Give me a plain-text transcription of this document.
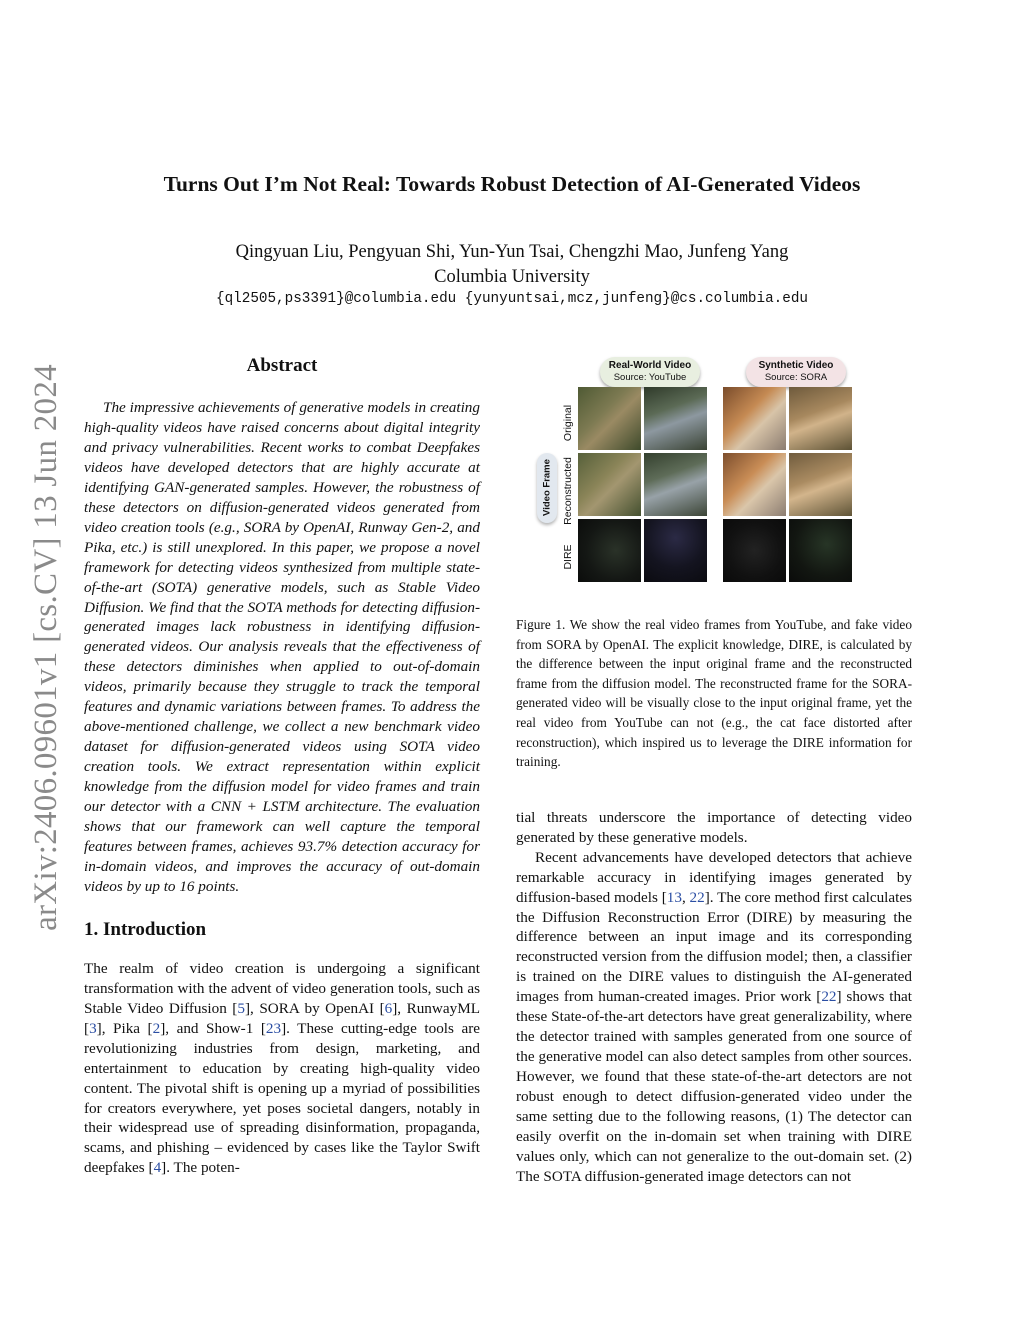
arXiv:2406.09601v1 [cs.CV] 13 Jun 2024
Turns Out I’m Not Real: Towards Robust Detection of AI-Generated Videos
Qingyuan Liu, Pengyuan Shi, Yun-Yun Tsai, Chengzhi Mao, Junfeng Yang
Columbia University
{ql2505,ps3391}@columbia.edu {yunyuntsai,mcz,junfeng}@cs.columbia.edu
Abstract

The impressive achievements of generative models in creating high-quality videos have raised concerns about digital integrity and privacy vulnerabilities. Recent works to combat Deepfakes videos have developed detectors that are highly accurate at identifying GAN-generated samples. However, the robustness of these detectors on diffusion-generated videos generated from video creation tools (e.g., SORA by OpenAI, Runway Gen-2, and Pika, etc.) is still unexplored. In this paper, we propose a novel framework for detecting videos synthesized from multiple state-of-the-art (SOTA) generative models, such as Stable Video Diffusion. We find that the SOTA methods for detecting diffusion-generated images lack robustness in identifying diffusion-generated videos. Our analysis reveals that the effectiveness of these detectors diminishes when applied to out-of-domain videos, primarily because they struggle to track the temporal features and dynamic variations between frames. To address the above-mentioned challenge, we collect a new benchmark video dataset for diffusion-generated videos using SOTA video creation tools. We extract representation within explicit knowledge from the diffusion model for video frames and train our detector with a CNN + LSTM architecture. The evaluation shows that our framework can well capture the temporal features between frames, achieves 93.7% detection accuracy for in-domain videos, and improves the accuracy of out-domain videos by up to 16 points.

1. Introduction

The realm of video creation is undergoing a significant transformation with the advent of video generation tools, such as Stable Video Diffusion [5], SORA by OpenAI [6], RunwayML [3], Pika [2], and Show-1 [23]. These cutting-edge tools are revolutionizing industries from design, marketing, and entertainment to education by creating high-quality video content. The pivotal shift is opening up a myriad of possibilities for creators everywhere, yet poses societal dangers, notably in their widespread use of spreading disinformation, propaganda, scams, and phishing – evidenced by cases like the Taylor Swift deepfakes [4]. The poten-

Real-World Video
Source: YouTube
Synthetic Video
Source: SORA
Video Frame
Original
Reconstructed
DIRE

Figure 1. We show the real video frames from YouTube, and fake video from SORA by OpenAI. The explicit knowledge, DIRE, is calculated by the difference between the input original frame and the reconstructed frame from the diffusion model. The reconstructed frame for the SORA-generated video will be visually close to the input original frame, yet the real video from YouTube can not (e.g., the cat face distorted after reconstruction), which inspired us to leverage the DIRE information for training.

tial threats underscore the importance of detecting video generated by these generative models.

Recent advancements have developed detectors that achieve remarkable accuracy in identifying images generated by diffusion-based models [13, 22]. The core method first calculates the Diffusion Reconstruction Error (DIRE) by measuring the difference between an input image and its corresponding reconstructed version from the diffusion model; then, a classifier is trained on the DIRE values to distinguish the AI-generated images from human-created images. Prior work [22] shows that these State-of-the-art detectors have great generalizability, where the detector trained with samples generated from one source of the generative model can also detect samples from other sources. However, we found that these state-of-the-art detectors are not robust enough to detect diffusion-generated video under the same setting due to the following reasons, (1) The detector can easily overfit on the in-domain set when training with DIRE values only, which can not generalize to the out-domain set. (2) The SOTA diffusion-generated image detectors can not
